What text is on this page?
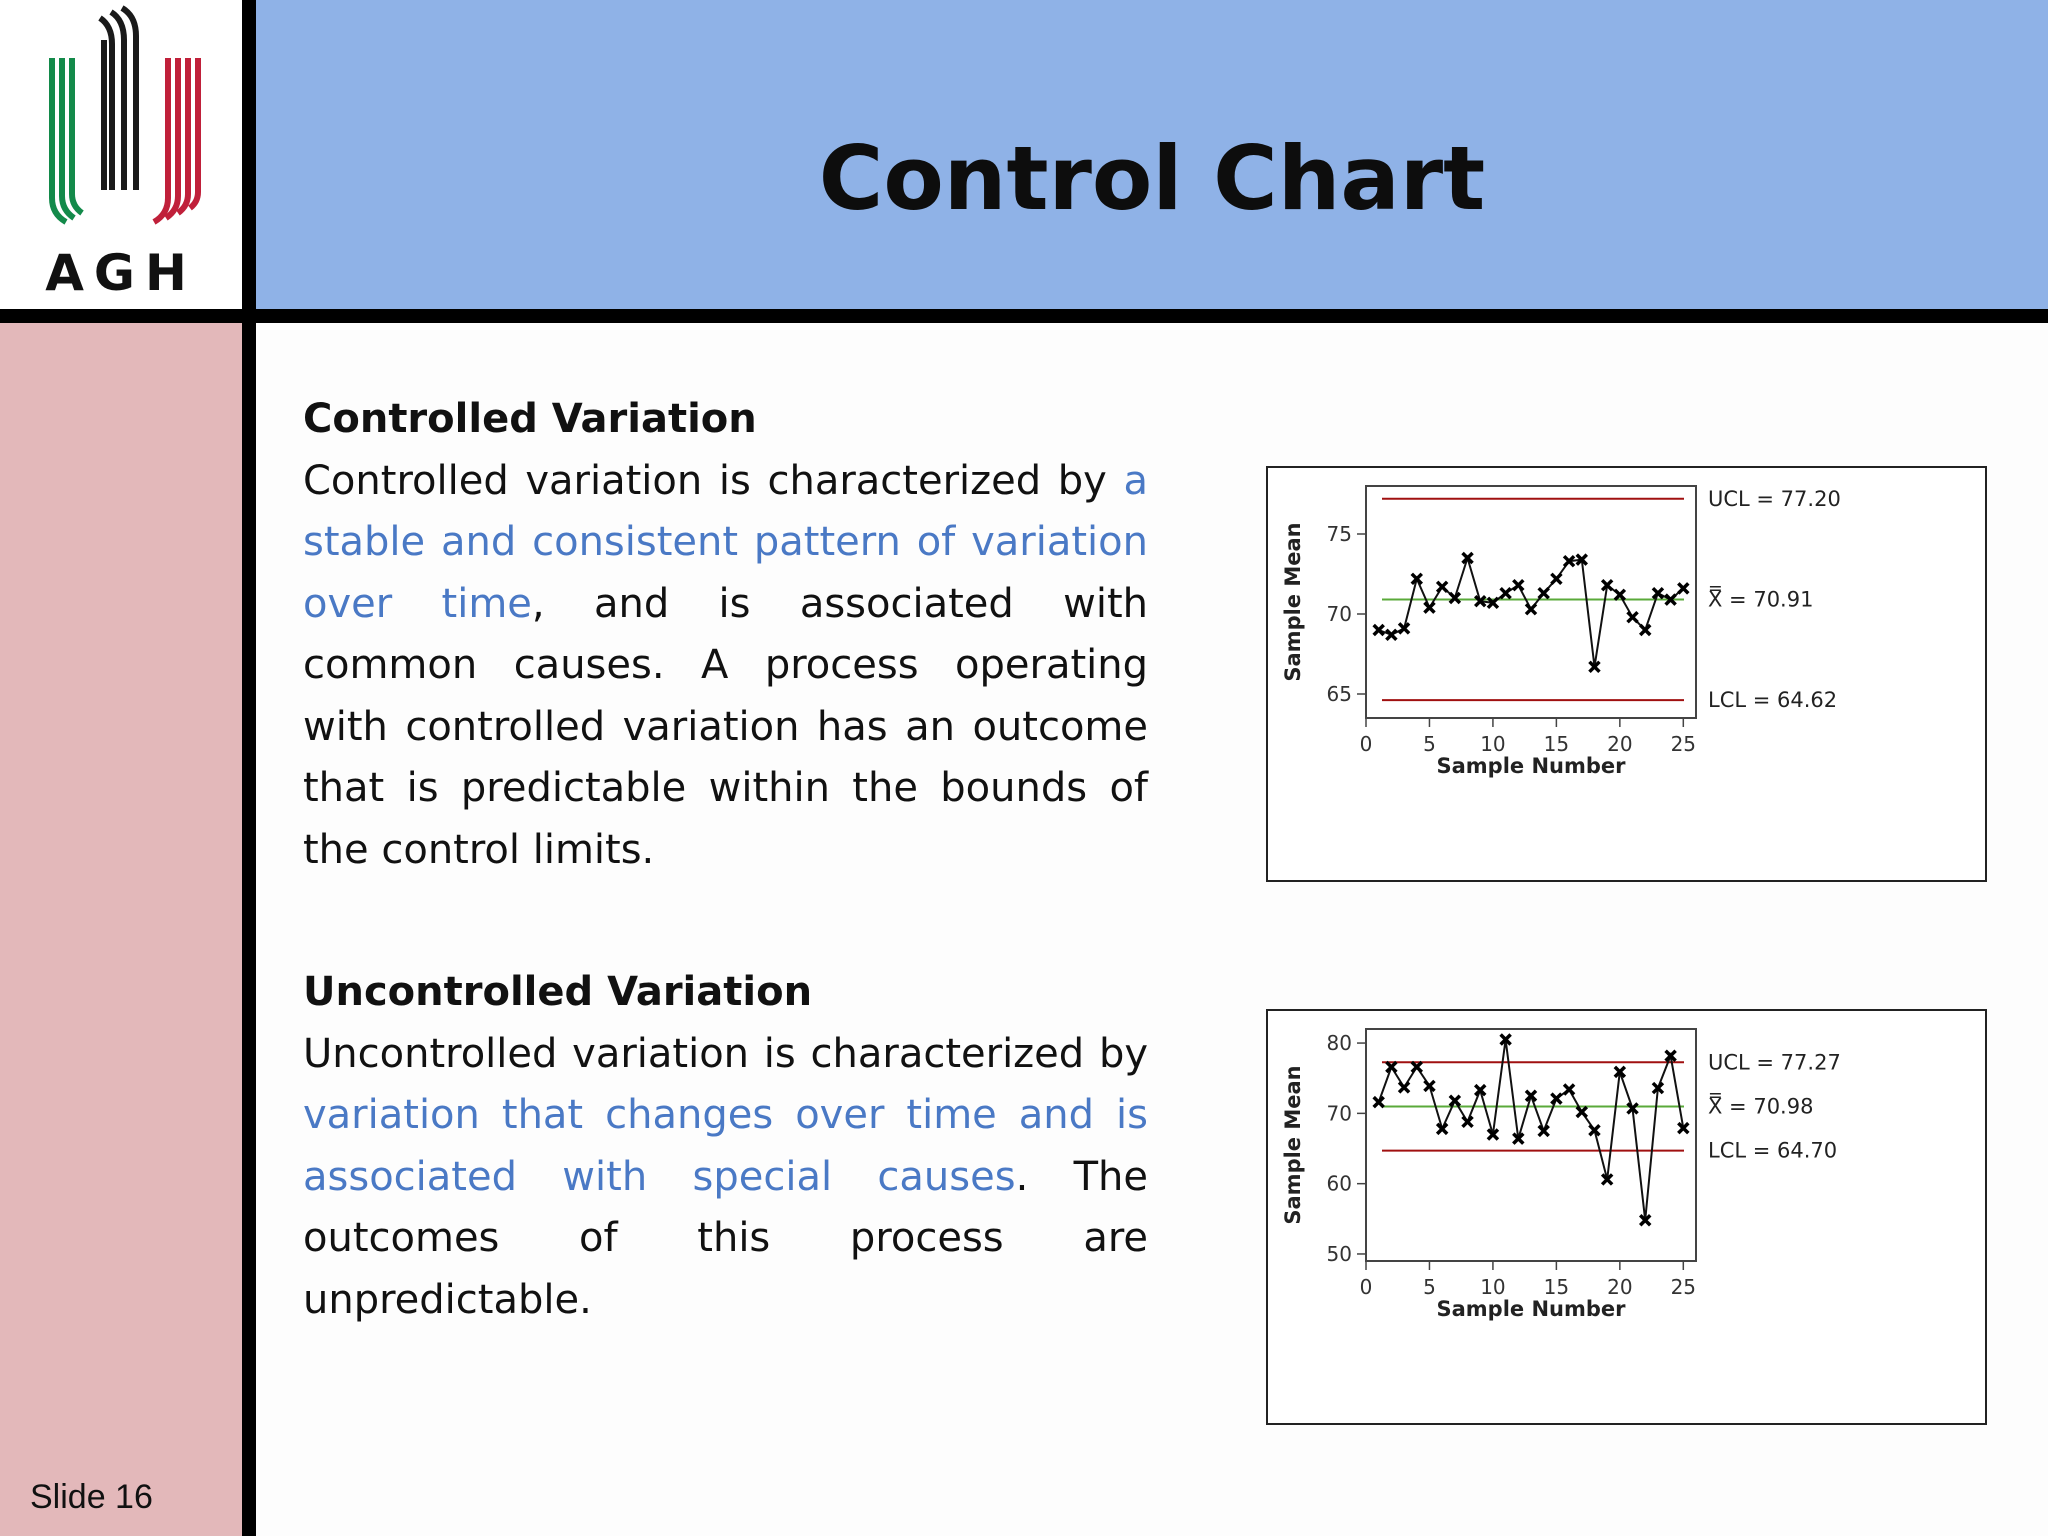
Control Chart
AGH
Slide 16
Controlled Variation

Controlled variation is characterized by a stable and consistent pattern of variation over time, and is associated with common causes. A process operating with controlled variation has an outcome that is predictable within the bounds of the control limits.

Uncontrolled Variation

Uncontrolled variation is characterized by variation that changes over time and is associated with special causes. The outcomes of this process are unpredictable.

0	5 10 15 20 25
65
70
75
Sample Number
Sample Mean
UCL = 77.20
X̿ = 70.91
LCL = 64.62
0	5 10 15 20 25
50
60
70
80
Sample Number
Sample Mean
UCL = 77.27
X̿ = 70.98
LCL = 64.70
